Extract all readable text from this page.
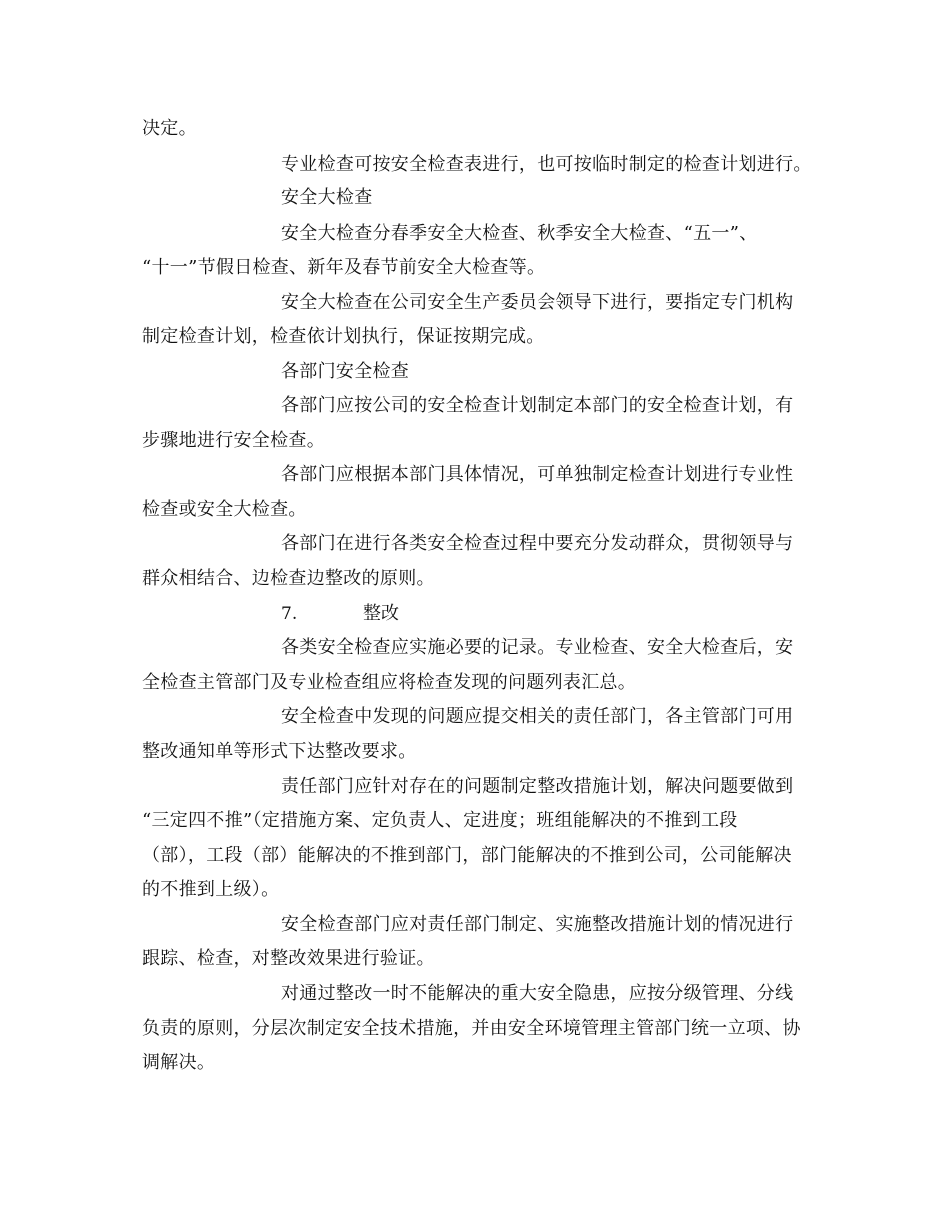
决定。
专业检查可按安全检查表进行，也可按临时制定的检查计划进行。
安全大检查
安全大检查分春季安全大检查、秋季安全大检查、“五一”、
“十一”节假日检查、新年及春节前安全大检查等。
安全大检查在公司安全生产委员会领导下进行，要指定专门机构
制定检查计划，检查依计划执行，保证按期完成。
各部门安全检查
各部门应按公司的安全检查计划制定本部门的安全检查计划，有
步骤地进行安全检查。
各部门应根据本部门具体情况，可单独制定检查计划进行专业性
检查或安全大检查。
各部门在进行各类安全检查过程中要充分发动群众，贯彻领导与
群众相结合、边检查边整改的原则。
7.	整改
各类安全检查应实施必要的记录。专业检查、安全大检查后，安
全检查主管部门及专业检查组应将检查发现的问题列表汇总。
安全检查中发现的问题应提交相关的责任部门，各主管部门可用
整改通知单等形式下达整改要求。
责任部门应针对存在的问题制定整改措施计划，解决问题要做到
“三定四不推”（定措施方案、定负责人、定进度；班组能解决的不推到工段
（部），工段（部）能解决的不推到部门，部门能解决的不推到公司，公司能解决
的不推到上级）。
安全检查部门应对责任部门制定、实施整改措施计划的情况进行
跟踪、检查，对整改效果进行验证。
对通过整改一时不能解决的重大安全隐患，应按分级管理、分线
负责的原则，分层次制定安全技术措施，并由安全环境管理主管部门统一立项、协
调解决。
